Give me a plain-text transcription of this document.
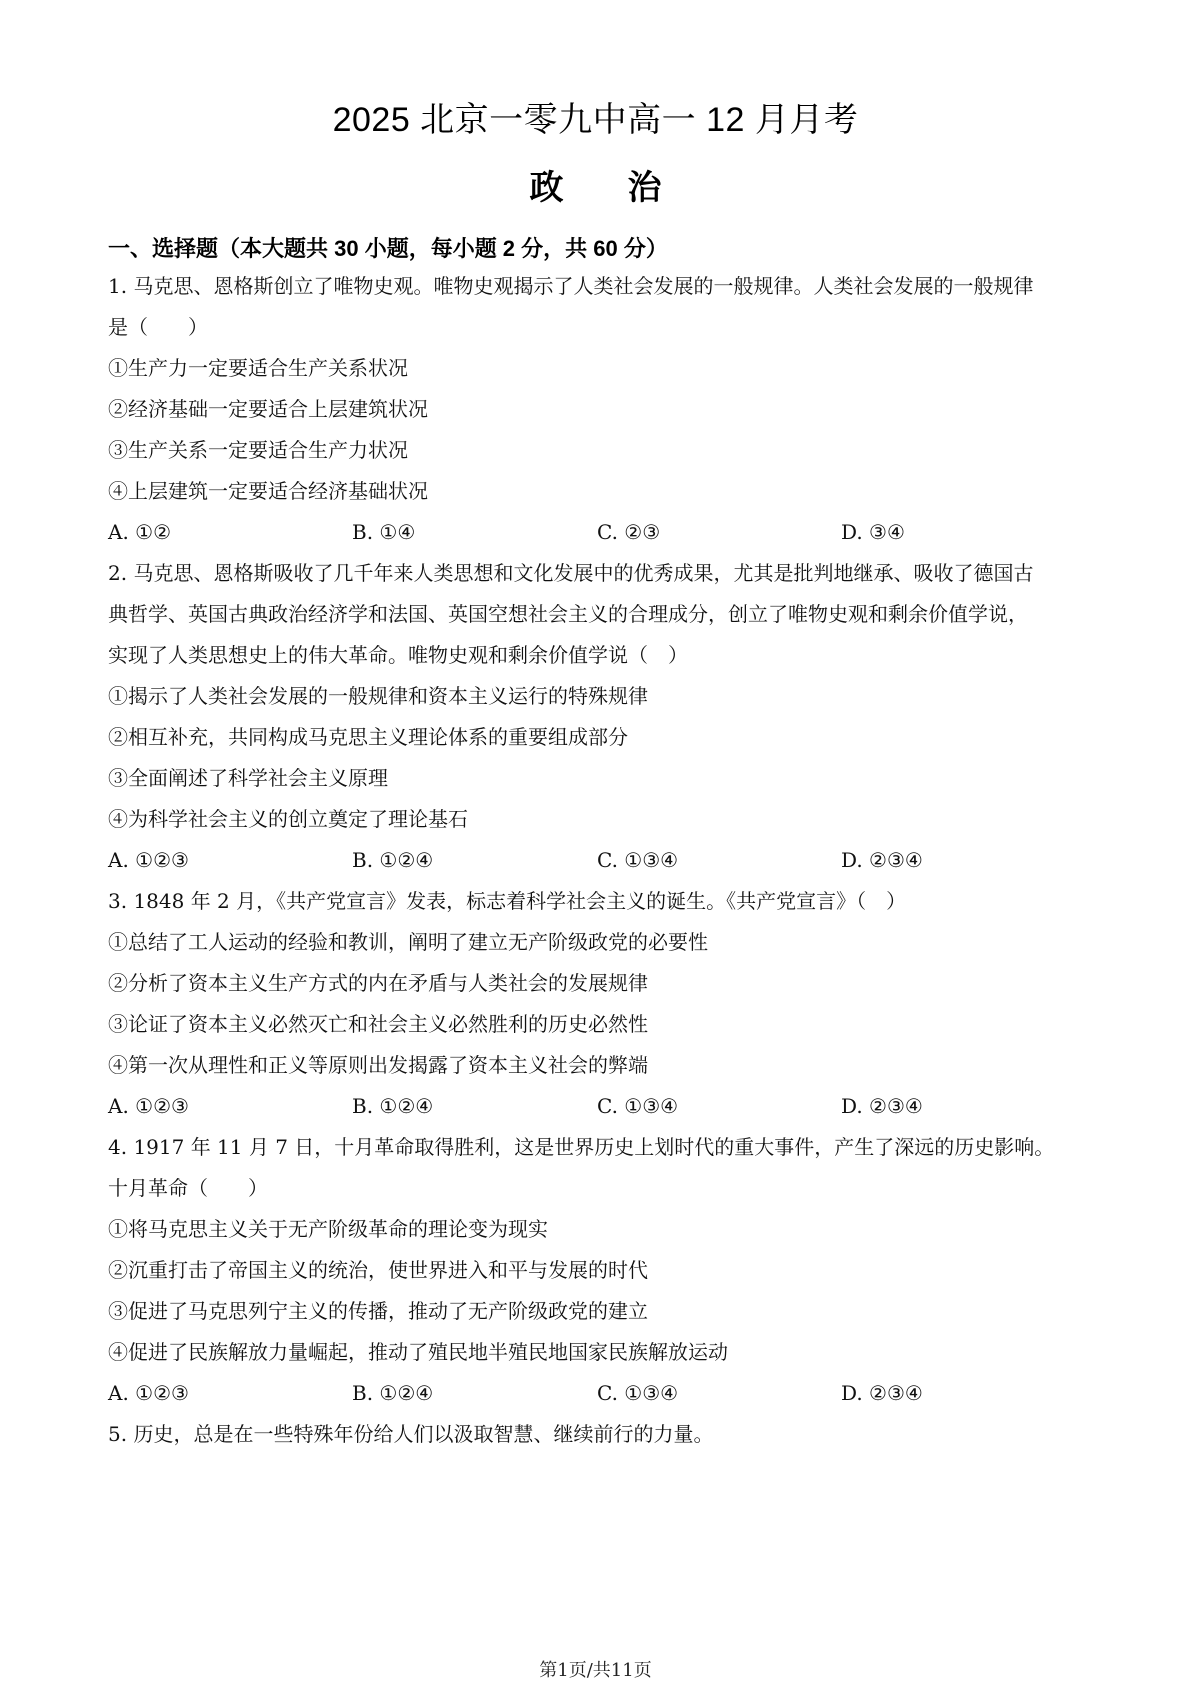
2025 北京一零九中高一 12 月月考
政 治
一、选择题（本大题共 30 小题，每小题 2 分，共 60 分）
1. 马克思、恩格斯创立了唯物史观。唯物史观揭示了人类社会发展的一般规律。人类社会发展的一般规律
是（　　）
①生产力一定要适合生产关系状况
②经济基础一定要适合上层建筑状况
③生产关系一定要适合生产力状况
④上层建筑一定要适合经济基础状况
A. ①②	B. ①④	C. ②③	D. ③④
2. 马克思、恩格斯吸收了几千年来人类思想和文化发展中的优秀成果，尤其是批判地继承、吸收了德国古
典哲学、英国古典政治经济学和法国、英国空想社会主义的合理成分，创立了唯物史观和剩余价值学说，
实现了人类思想史上的伟大革命。唯物史观和剩余价值学说（　）
①揭示了人类社会发展的一般规律和资本主义运行的特殊规律
②相互补充，共同构成马克思主义理论体系的重要组成部分
③全面阐述了科学社会主义原理
④为科学社会主义的创立奠定了理论基石
A. ①②③	B. ①②④	C. ①③④	D. ②③④
3. 1848 年 2 月，《共产党宣言》发表，标志着科学社会主义的诞生。《共产党宣言》（　）
①总结了工人运动的经验和教训，阐明了建立无产阶级政党的必要性
②分析了资本主义生产方式的内在矛盾与人类社会的发展规律
③论证了资本主义必然灭亡和社会主义必然胜利的历史必然性
④第一次从理性和正义等原则出发揭露了资本主义社会的弊端
A. ①②③	B. ①②④	C. ①③④	D. ②③④
4. 1917 年 11 月 7 日，十月革命取得胜利，这是世界历史上划时代的重大事件，产生了深远的历史影响。
十月革命（　　）
①将马克思主义关于无产阶级革命的理论变为现实
②沉重打击了帝国主义的统治，使世界进入和平与发展的时代
③促进了马克思列宁主义的传播，推动了无产阶级政党的建立
④促进了民族解放力量崛起，推动了殖民地半殖民地国家民族解放运动
A. ①②③	B. ①②④	C. ①③④	D. ②③④
5. 历史，总是在一些特殊年份给人们以汲取智慧、继续前行的力量。
第1页/共11页
